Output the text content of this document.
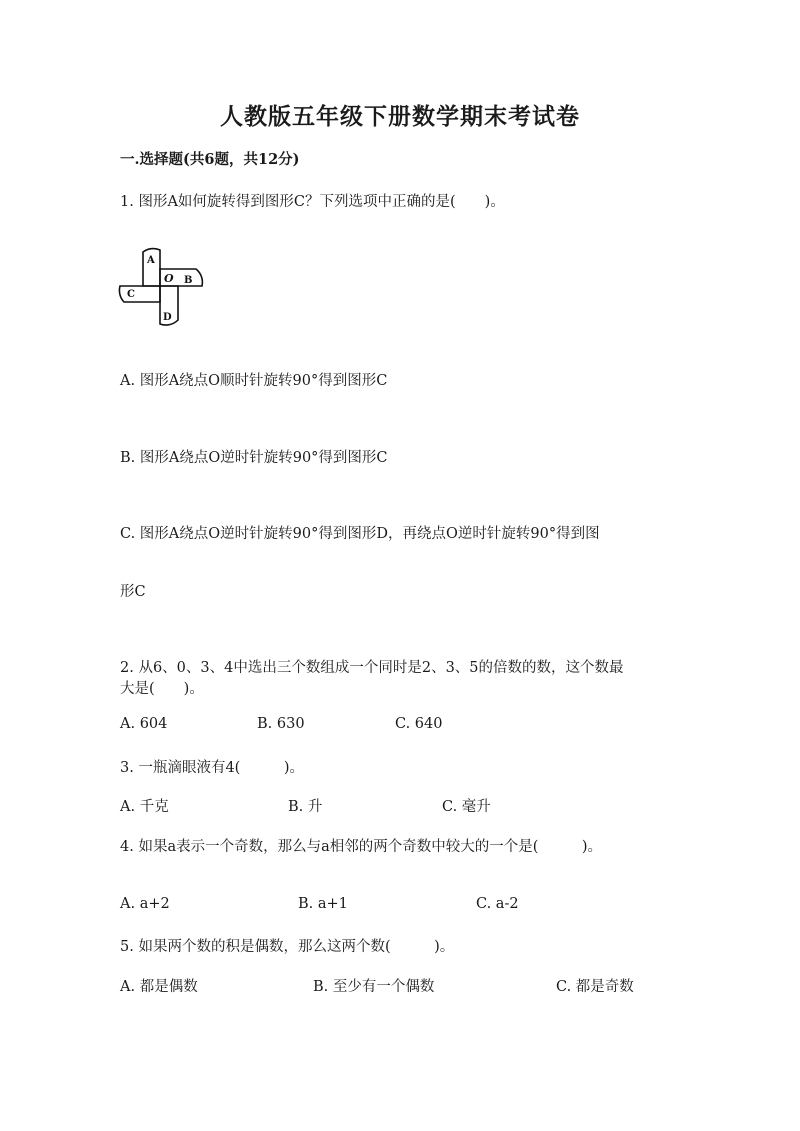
人教版五年级下册数学期末考试卷
一.选择题(共6题，共12分)
1. 图形A如何旋转得到图形C？下列选项中正确的是(　　)。
A
O B
C
D
A. 图形A绕点O顺时针旋转90°得到图形C
B. 图形A绕点O逆时针旋转90°得到图形C
C. 图形A绕点O逆时针旋转90°得到图形D，再绕点O逆时针旋转90°得到图
形C
2. 从6、0、3、4中选出三个数组成一个同时是2、3、5的倍数的数，这个数最
大是(　　)。
A. 604	B. 630	C. 640
3. 一瓶滴眼液有4(　　　)。
A. 千克	B. 升	C. 毫升
4. 如果a表示一个奇数，那么与a相邻的两个奇数中较大的一个是(　　　)。
A. a+2	B. a+1	C. a-2
5. 如果两个数的积是偶数，那么这两个数(　　　)。
A. 都是偶数	B. 至少有一个偶数	C. 都是奇数
